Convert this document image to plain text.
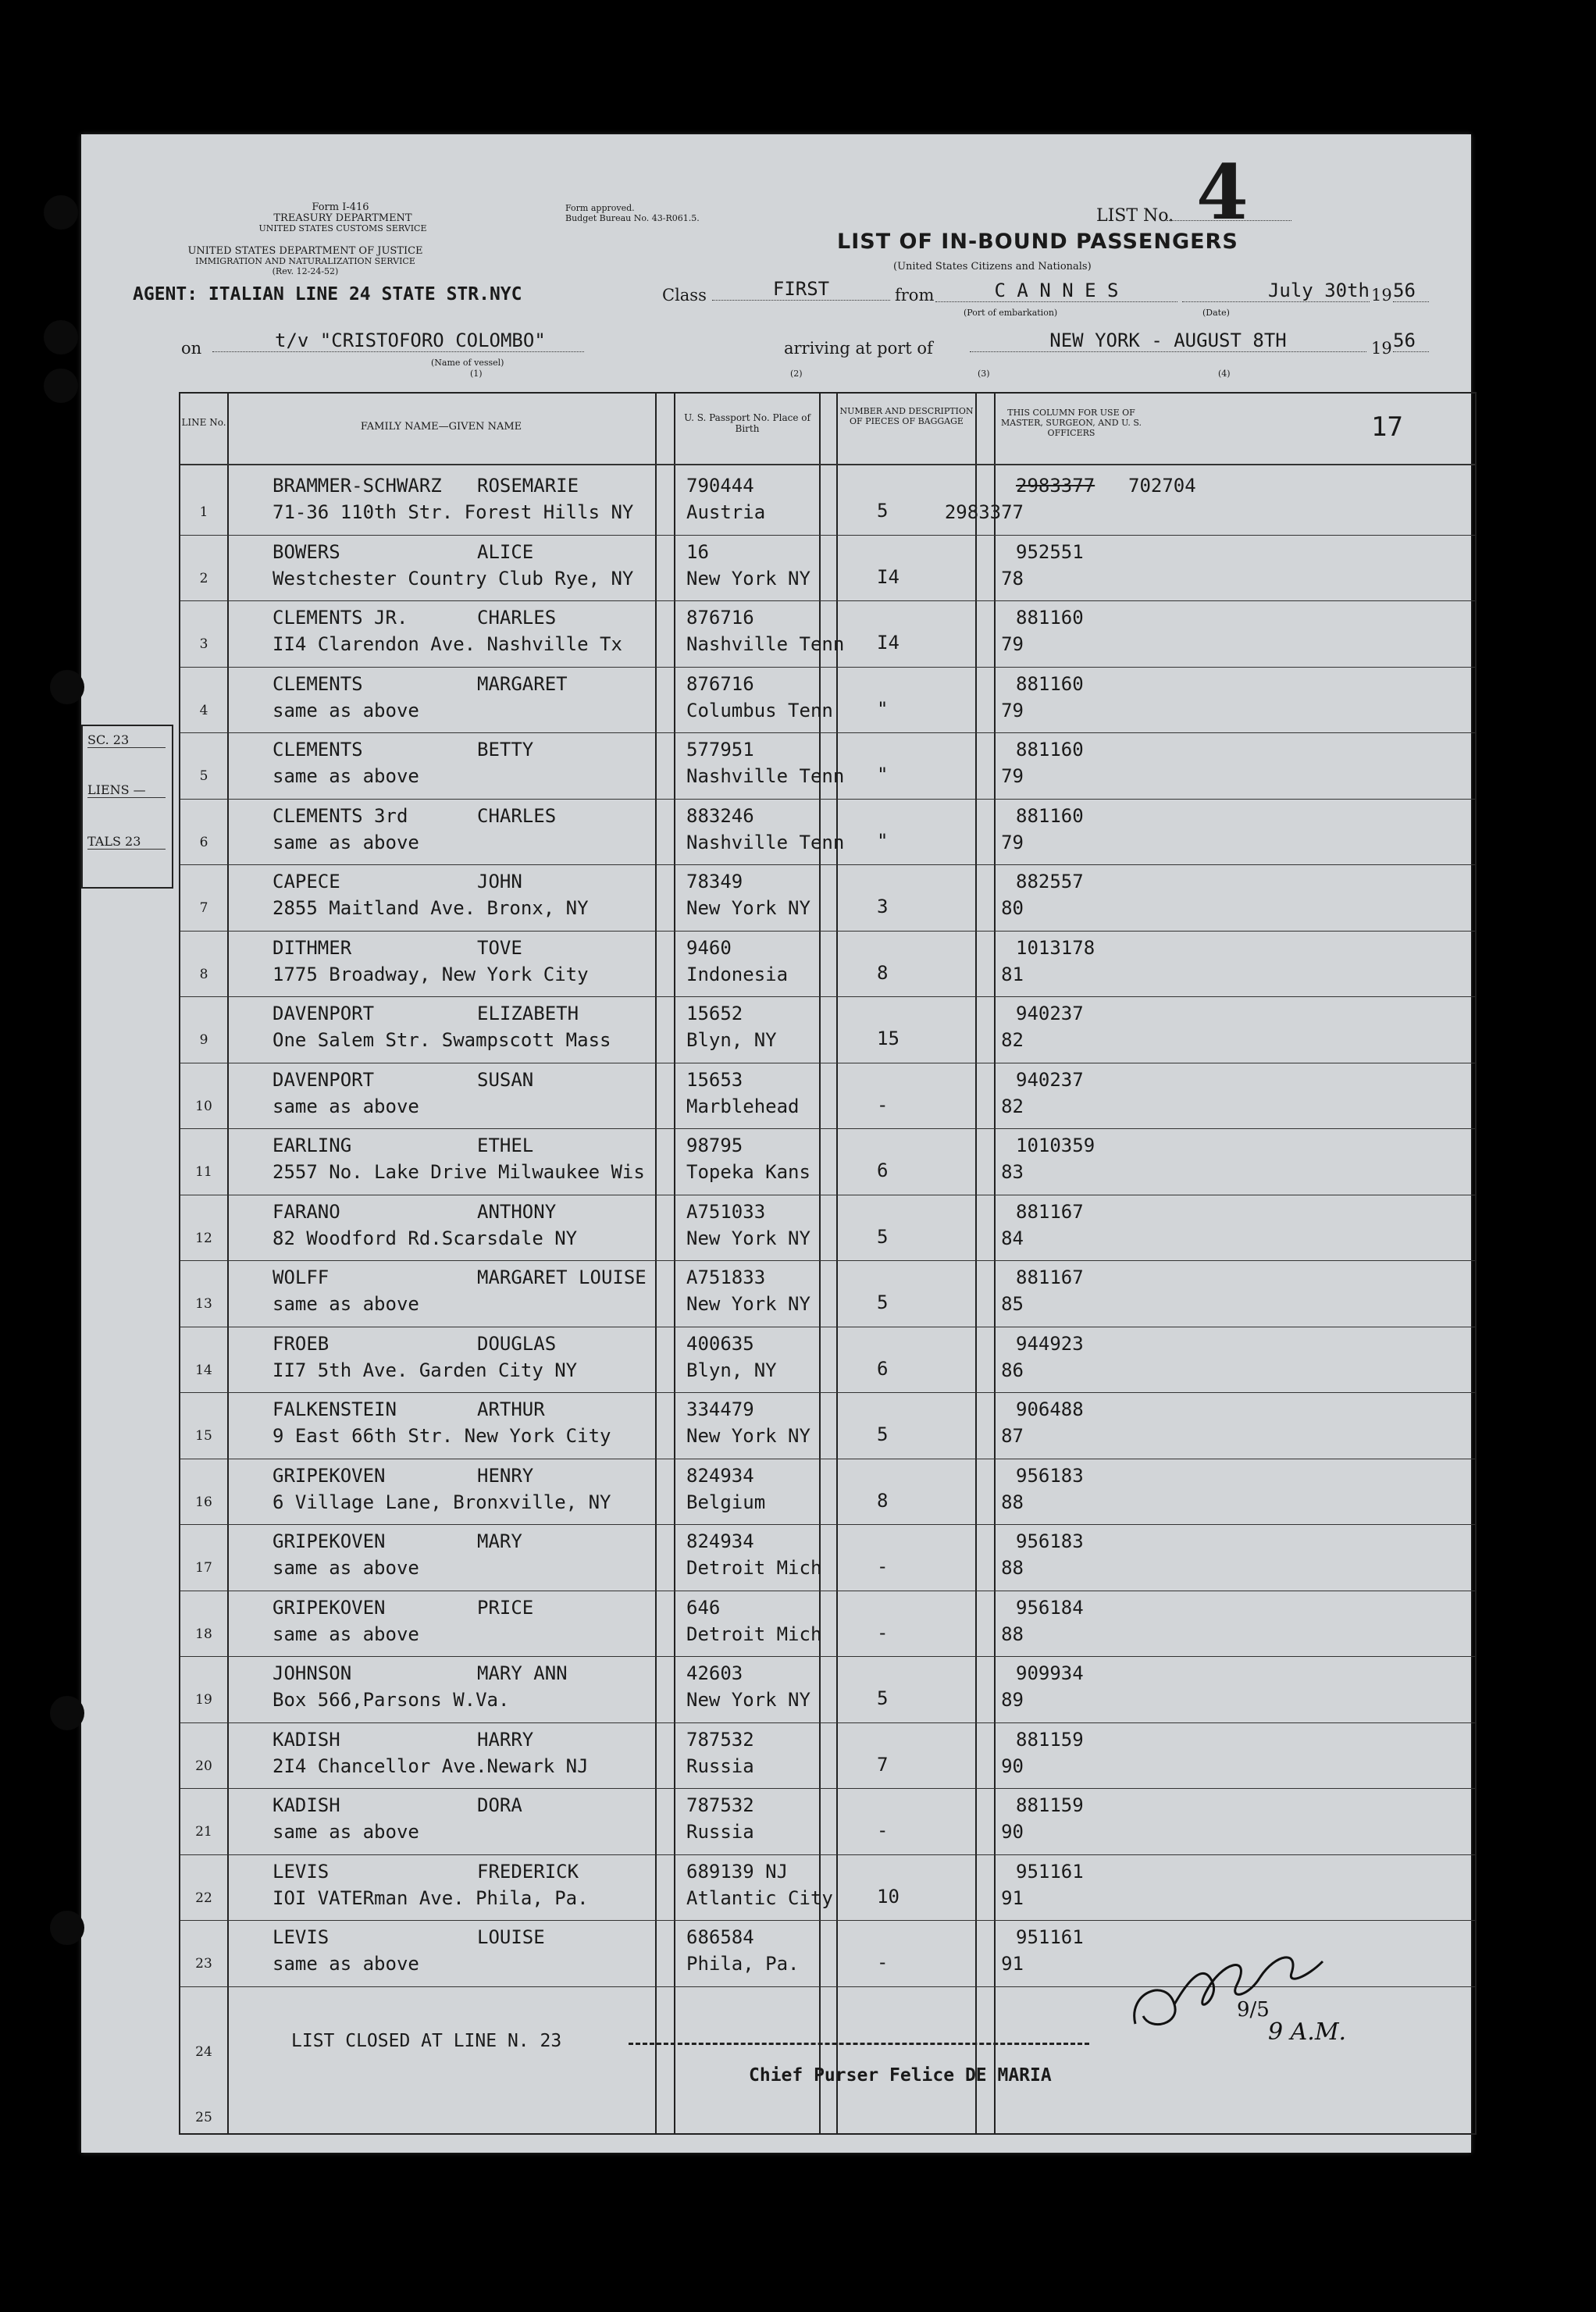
Form I-416
TREASURY DEPARTMENT
UNITED STATES CUSTOMS SERVICE
UNITED STATES DEPARTMENT OF JUSTICE
IMMIGRATION AND NATURALIZATION SERVICE
(Rev. 12-24-52)
Form approved.
Budget Bureau No. 43-R061.5.	LIST No. 4
LIST OF IN-BOUND PASSENGERS
(United States Citizens and Nationals)
AGENT: ITALIAN LINE 24 STATE STR.NYC	Class	FIRST	from	C A N N E S	July 30th 19 56
(Port of embarkation)	(Date)
on	t/v "CRISTOFORO COLOMBO"
(Name of vessel)
arriving at port of	NEW YORK - AUGUST 8TH	19 56
(1)	(2)	(3)	(4)
17
LINE No.	FAMILY NAME—GIVEN NAME
U. S. Passport No. Place of Birth
NUMBER AND DESCRIPTION OF PIECES OF BAGGAGE
THIS COLUMN FOR USE OF MASTER, SURGEON, AND U. S. OFFICERS
1
BRAMMER-SCHWARZ ROSEMARIE
71-36 110th Str. Forest Hills NY
790444
Austria	5	2983377
2983377 702704
2
BOWERS	ALICE
Westchester Country Club Rye, NY
16
New York NY	I4	78
952551
3
CLEMENTS JR.	CHARLES
II4 Clarendon Ave. Nashville Tx
876716
Nashville Tenn I4	79
881160
4
CLEMENTS	MARGARET
same as above
876716
Columbus Tenn "	79
881160
5
CLEMENTS	BETTY
same as above
577951
Nashville Tenn "	79
881160
6
CLEMENTS 3rd	CHARLES
same as above
883246
Nashville Tenn "	79
881160
7
CAPECE	JOHN
2855 Maitland Ave. Bronx, NY
78349
New York NY	3	80
882557
8
DITHMER	TOVE
1775 Broadway, New York City
9460
Indonesia	8	81
1013178
9
DAVENPORT	ELIZABETH
One Salem Str. Swampscott Mass
15652
Blyn, NY	15	82
940237
10
DAVENPORT	SUSAN
same as above
15653
Marblehead	-	82
940237
11
EARLING	ETHEL
2557 No. Lake Drive Milwaukee Wis
98795
Topeka Kans	6	83
1010359
12
FARANO	ANTHONY
82 Woodford Rd.Scarsdale NY
A751033
New York NY	5	84
881167
13
WOLFF	MARGARET LOUISE
same as above
A751833
New York NY	5	85
881167
14
FROEB	DOUGLAS
II7 5th Ave. Garden City NY
400635
Blyn, NY	6	86
944923
15
FALKENSTEIN	ARTHUR
9 East 66th Str. New York City
334479
New York NY	5	87
906488
16
GRIPEKOVEN	HENRY
6 Village Lane, Bronxville, NY
824934
Belgium	8	88
956183
17
GRIPEKOVEN	MARY
same as above
824934
Detroit Mich	-	88
956183
18
GRIPEKOVEN	PRICE
same as above
646
Detroit Mich	-	88
956184
19
JOHNSON	MARY ANN
Box 566,Parsons W.Va.
42603
New York NY	5	89
909934
20
KADISH	HARRY
2I4 Chancellor Ave.Newark NJ
787532
Russia	7	90
881159
21
KADISH	DORA
same as above
787532
Russia	-	90
881159
22
LEVIS	FREDERICK
IOI VATERman Ave. Phila, Pa.
689139 NJ
Atlantic City 10	91
951161
23
LEVIS	LOUISE
same as above
686584
Phila, Pa.	-	91
951161
24
25
LIST CLOSED AT LINE N. 23
Chief Purser Felice DE MARIA
9/5
9 A.M.
SC. 23
LIENS —
TALS 23
